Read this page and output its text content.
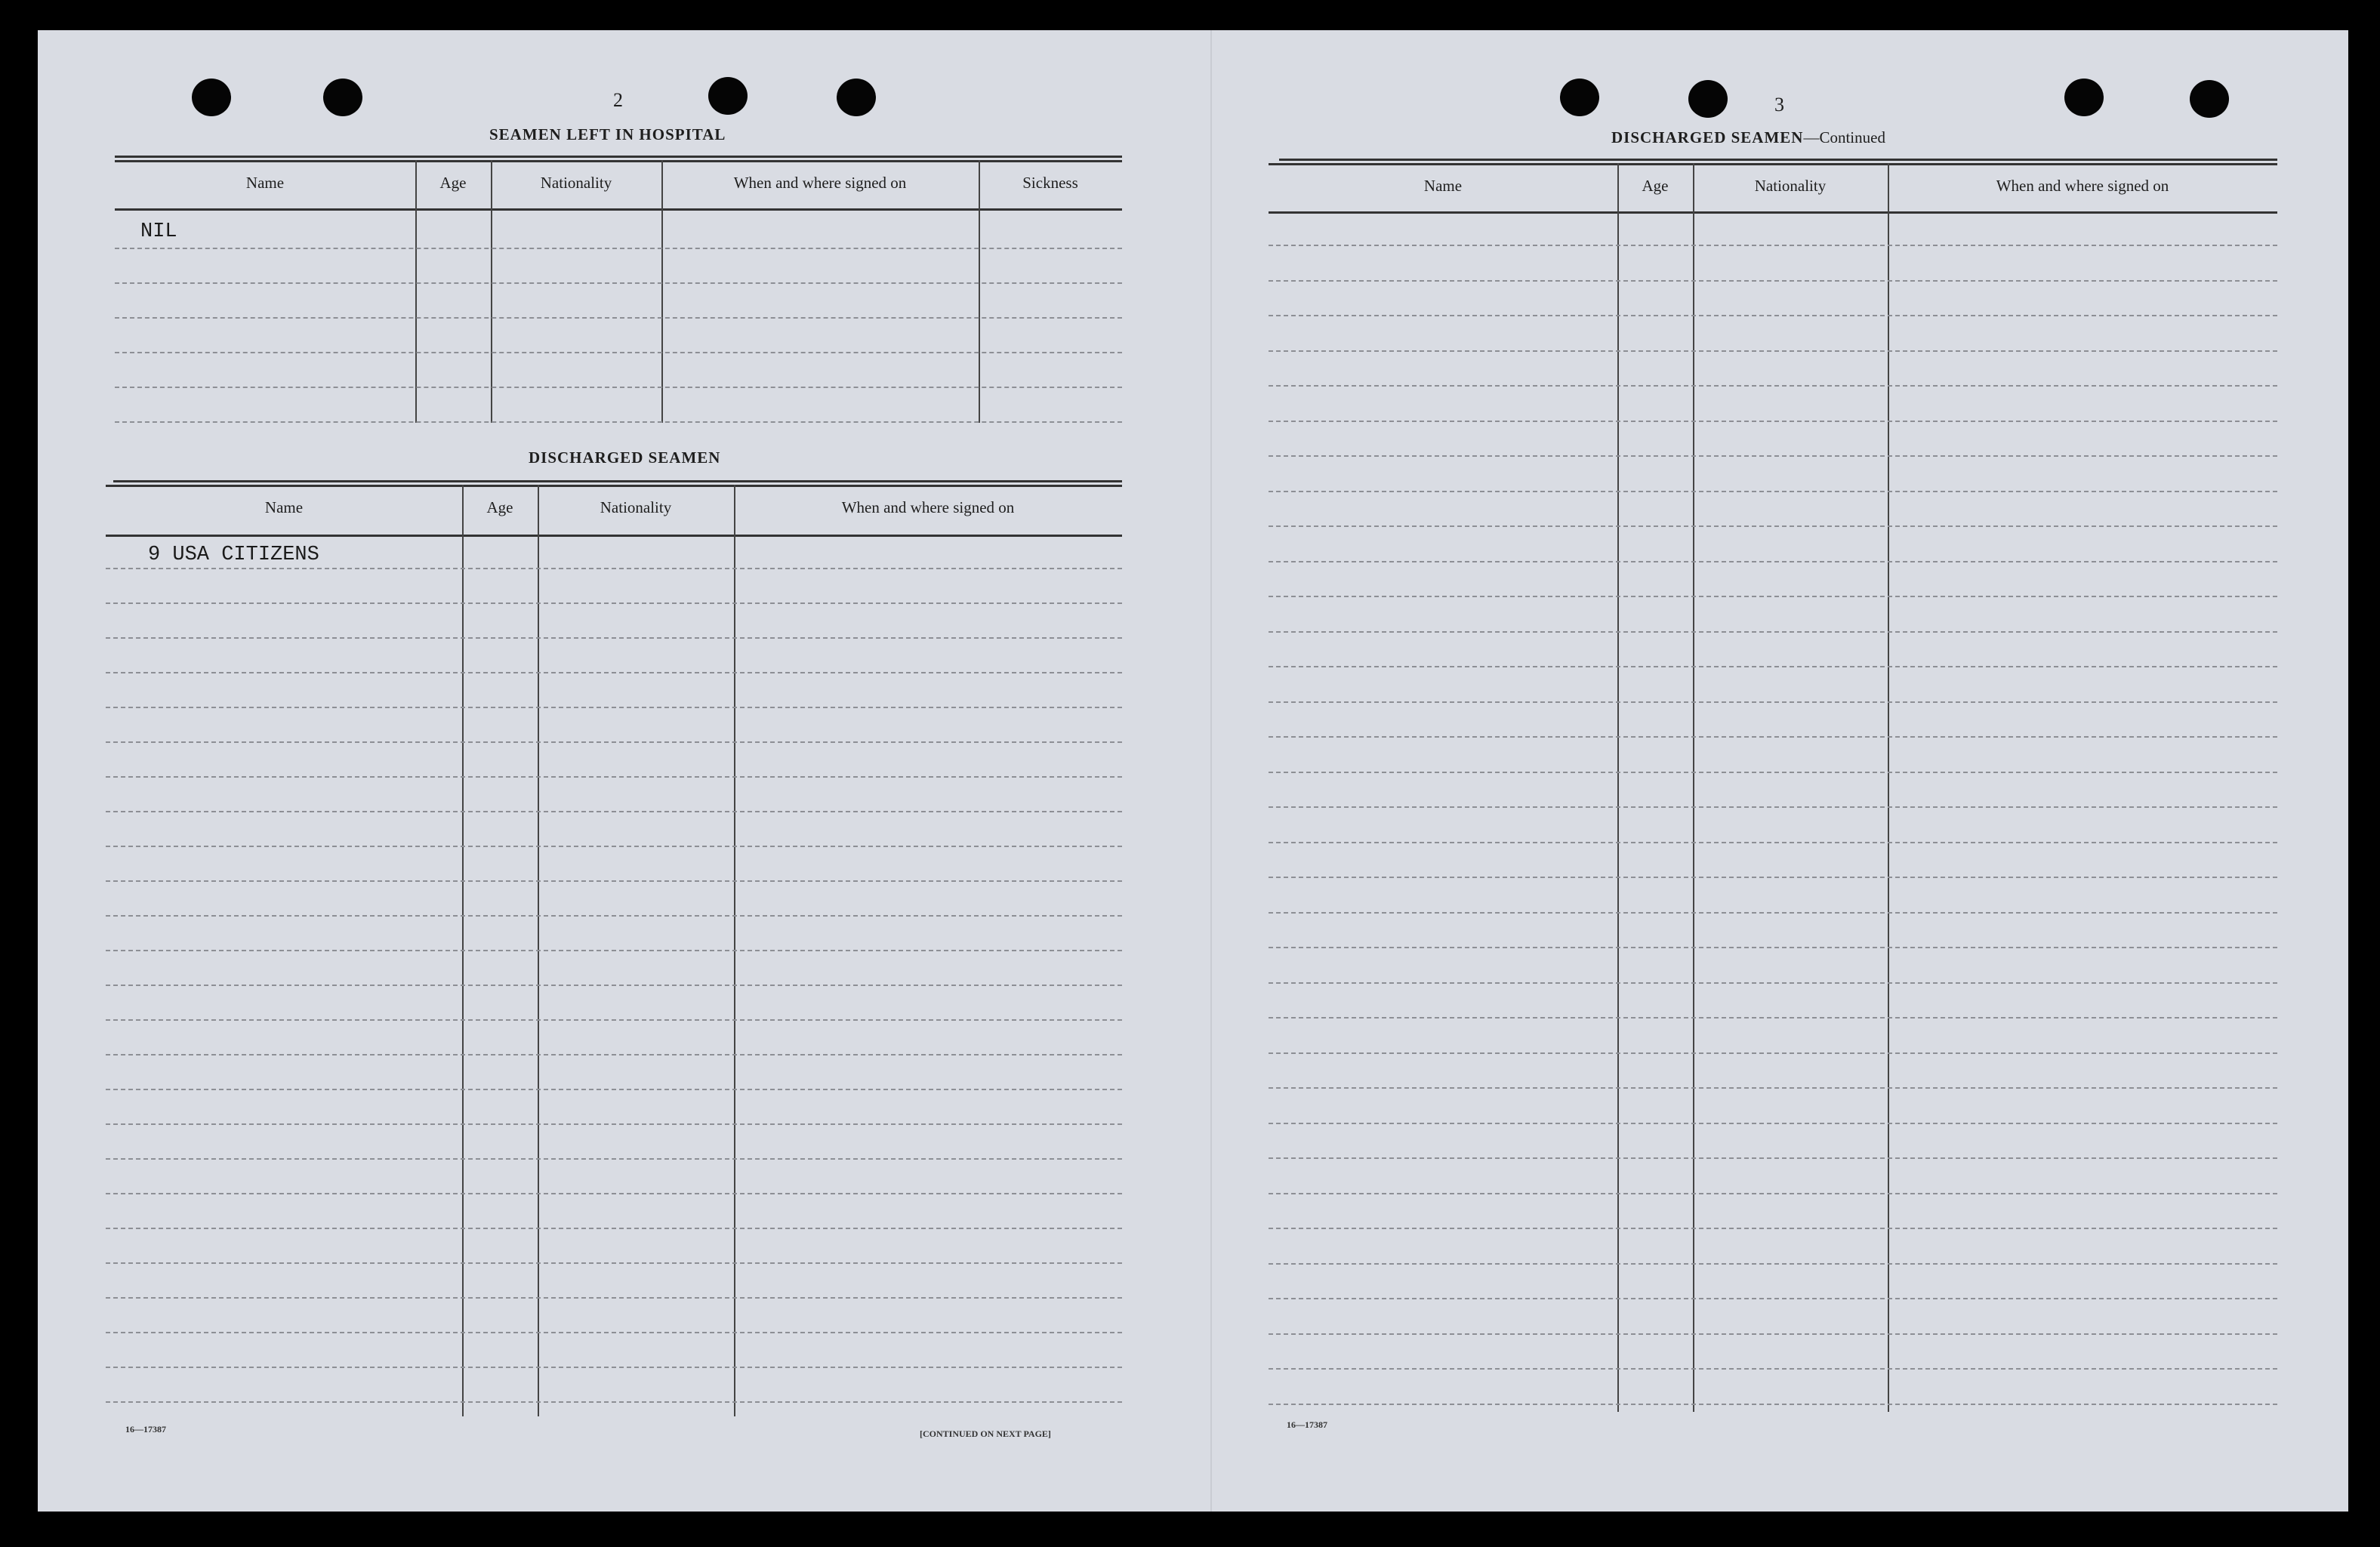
2
SEAMEN LEFT IN HOSPITAL
Name	Age	Nationality	When and where signed on	Sickness
NIL
DISCHARGED SEAMEN
Name	Age	Nationality	When and where signed on
9 USA CITIZENS
16—17387	[CONTINUED ON NEXT PAGE]
3
DISCHARGED SEAMEN—Continued
Name	Age	Nationality	When and where signed on
16—17387
